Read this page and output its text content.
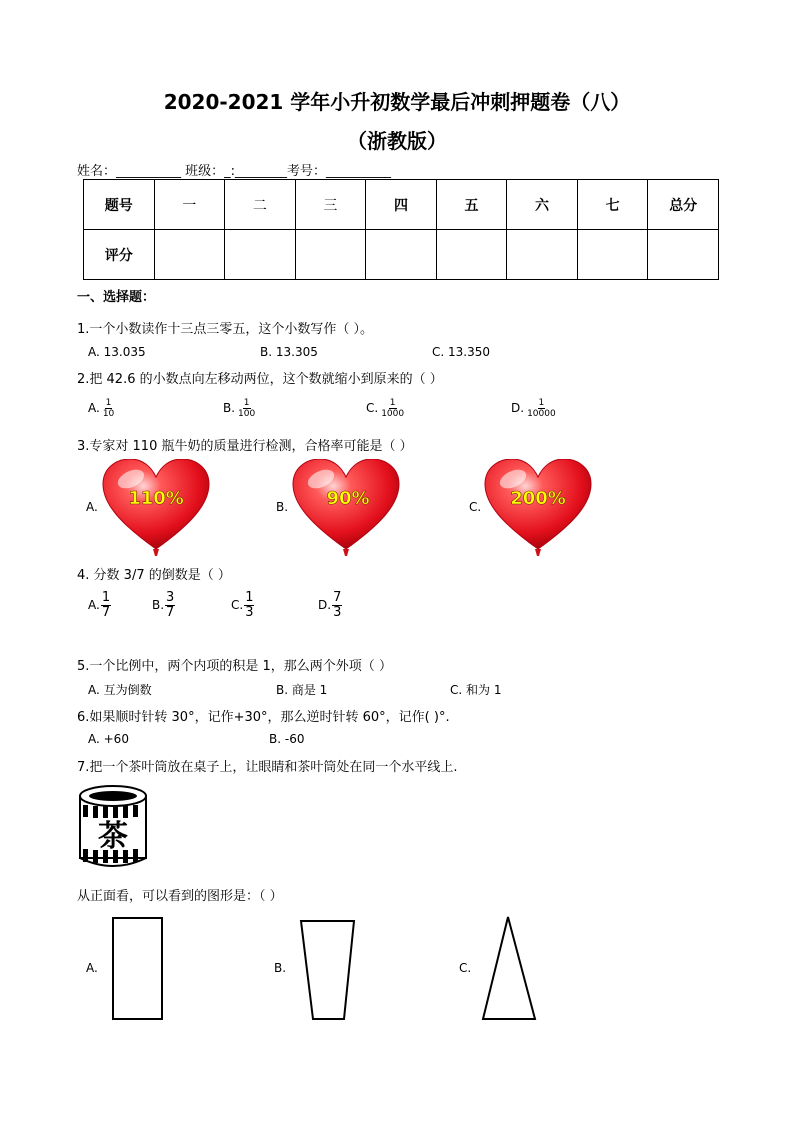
2020-2021 学年小升初数学最后冲刺押题卷（八）
（浙教版）
姓名：__________ 班级：_:________考号：__________
题号	一	二	三	四	五	六	七	总分
评分								
一、选择题：
1.一个小数读作十三点三零五，这个小数写作（ ）。
A. 13.035	B. 13.305	C. 13.350
2.把 42.6 的小数点向左移动两位，这个数就缩小到原来的（ ）
A. $\frac{1}{10}$	B. $\frac{1}{100}$	C. $\frac{1}{1000}$	D. $\frac{1}{10000}$
3.专家对 110 瓶牛奶的质量进行检测，合格率可能是（ ）
A.	B.	C.
110%	90%	200%
茶
4. 分数 3/7 的倒数是（ ）
A. $\frac{1}{7}$	B. $\frac{3}{7}$	C. $\frac{1}{3}$	D. $\frac{7}{3}$
5.一个比例中，两个内项的积是 1，那么两个外项（ ）
A. 互为倒数	B. 商是 1	C. 和为 1
6.如果顺时针转 30°，记作+30°，那么逆时针转 60°，记作( )°.
A. +60	B. -60
7.把一个茶叶筒放在桌子上，让眼睛和茶叶筒处在同一个水平线上.
从正面看，可以看到的图形是：（ ）
A.	B.	C.
